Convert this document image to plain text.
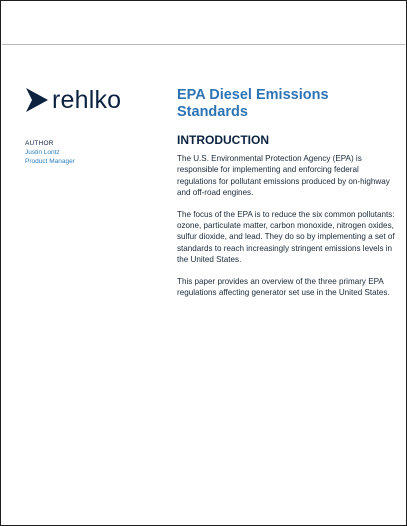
rehlko
AUTHOR
Justin Lontz
Product Manager
EPA Diesel Emissions
Standards
INTRODUCTION

The U.S. Environmental Protection Agency (EPA) is responsible for implementing and enforcing federal regulations for pollutant emissions produced by on-highway and off-road engines.

The focus of the EPA is to reduce the six common pollutants: ozone, particulate matter, carbon monoxide, nitrogen oxides, sulfur dioxide, and lead. They do so by implementing a set of standards to reach increasingly stringent emissions levels in the United States.

This paper provides an overview of the three primary EPA regulations affecting generator set use in the United States.
